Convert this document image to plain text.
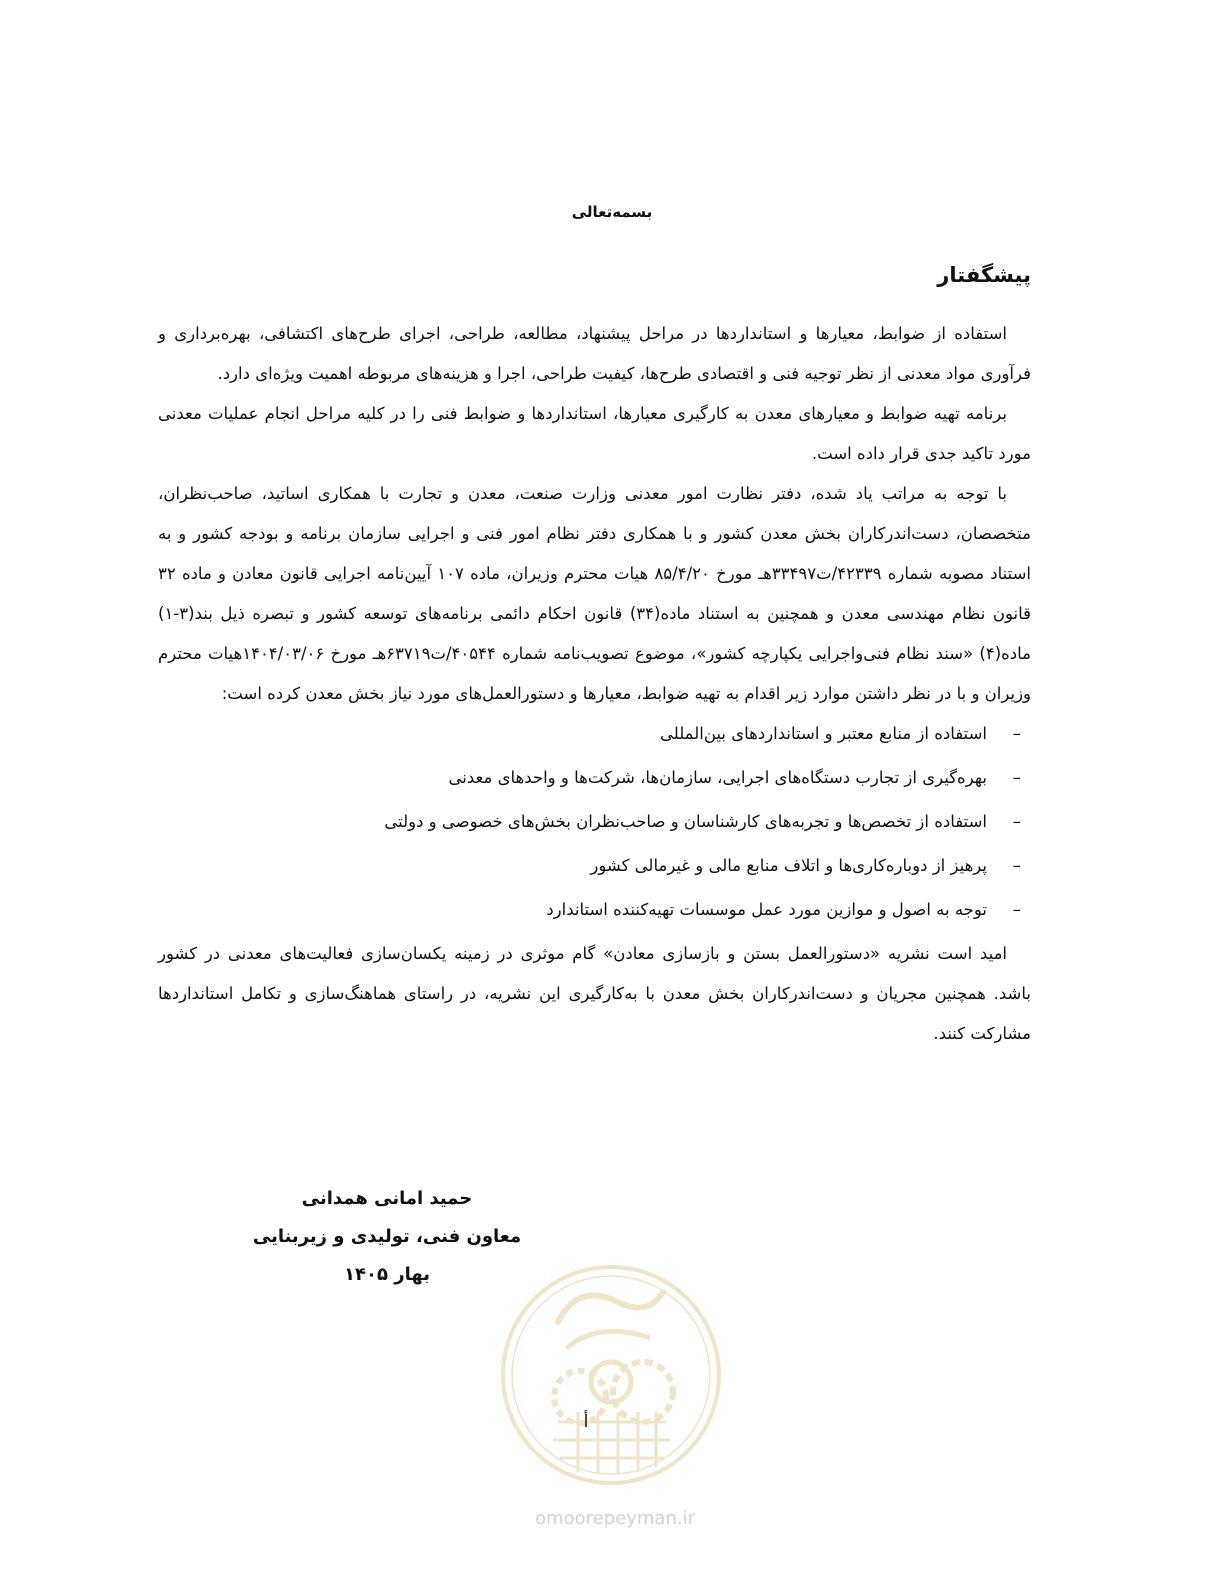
بسمه‌تعالی
پیشگفتار

استفاده از ضوابط، معیارها و استانداردها در مراحل پیشنهاد، مطالعه، طراحی، اجرای طرح‌های اکتشافی، بهره‌برداری و فرآوری مواد معدنی از نظر توجیه فنی و اقتصادی طرح‌ها، کیفیت طراحی، اجرا و هزینه‌های مربوطه اهمیت ویژه‌ای دارد.

برنامه تهیه ضوابط و معیارهای معدن به کارگیری معیارها، استانداردها و ضوابط فنی را در کلیه مراحل انجام عملیات معدنی مورد تاکید جدی قرار داده است.

با توجه به مراتب یاد شده، دفتر نظارت امور معدنی وزارت صنعت، معدن و تجارت با همکاری اساتید، صاحب‌نظران، متخصصان، دست‌اندرکاران بخش معدن کشور و با همکاری دفتر نظام امور فنی و اجرایی سازمان برنامه و بودجه کشور و به استناد مصوبه شماره ۴۲۳۳۹/ت۳۳۴۹۷هـ مورخ ۸۵/۴/۲۰ هیات محترم وزیران، ماده ۱۰۷ آیین‌نامه اجرایی قانون معادن و ماده ۳۲ قانون نظام مهندسی معدن و همچنین به استناد ماده(۳۴) قانون احکام دائمی برنامه‌های توسعه کشور و تبصره ذیل بند(۳-۱) ماده(۴) «سند نظام فنی‌واجرایی یکپارچه کشور»، موضوع تصویب‌نامه شماره ۴۰۵۴۴/ت۶۳۷۱۹هـ مورخ ۱۴۰۴/۰۳/۰۶هیات محترم وزیران و با در نظر داشتن موارد زیر اقدام به تهیه ضوابط، معیارها و دستورالعمل‌های مورد نیاز بخش معدن کرده است:

–
استفاده از منابع معتبر و استانداردهای بین‌المللی
–
بهره‌گیری از تجارب دستگاه‌های اجرایی، سازمان‌ها، شرکت‌ها و واحدهای معدنی
–
استفاده از تخصص‌ها و تجربه‌های کارشناسان و صاحب‌نظران بخش‌های خصوصی و دولتی
–
پرهیز از دوباره‌کاری‌ها و اتلاف منابع مالی و غیرمالی کشور
–
توجه به اصول و موازین مورد عمل موسسات تهیه‌کننده استاندارد

امید است نشریه «دستورالعمل بستن و بازسازی معادن» گام موثری در زمینه یکسان‌سازی فعالیت‌های معدنی در کشور باشد. همچنین مجریان و دست‌اندرکاران بخش معدن با به‌کارگیری این نشریه، در راستای هماهنگ‌سازی و تکامل استانداردها مشارکت کنند.

حمید امانی همدانی
معاون فنی، تولیدی و زیربنایی
بهار ۱۴۰۵
أ
omoorepeyman.ir
